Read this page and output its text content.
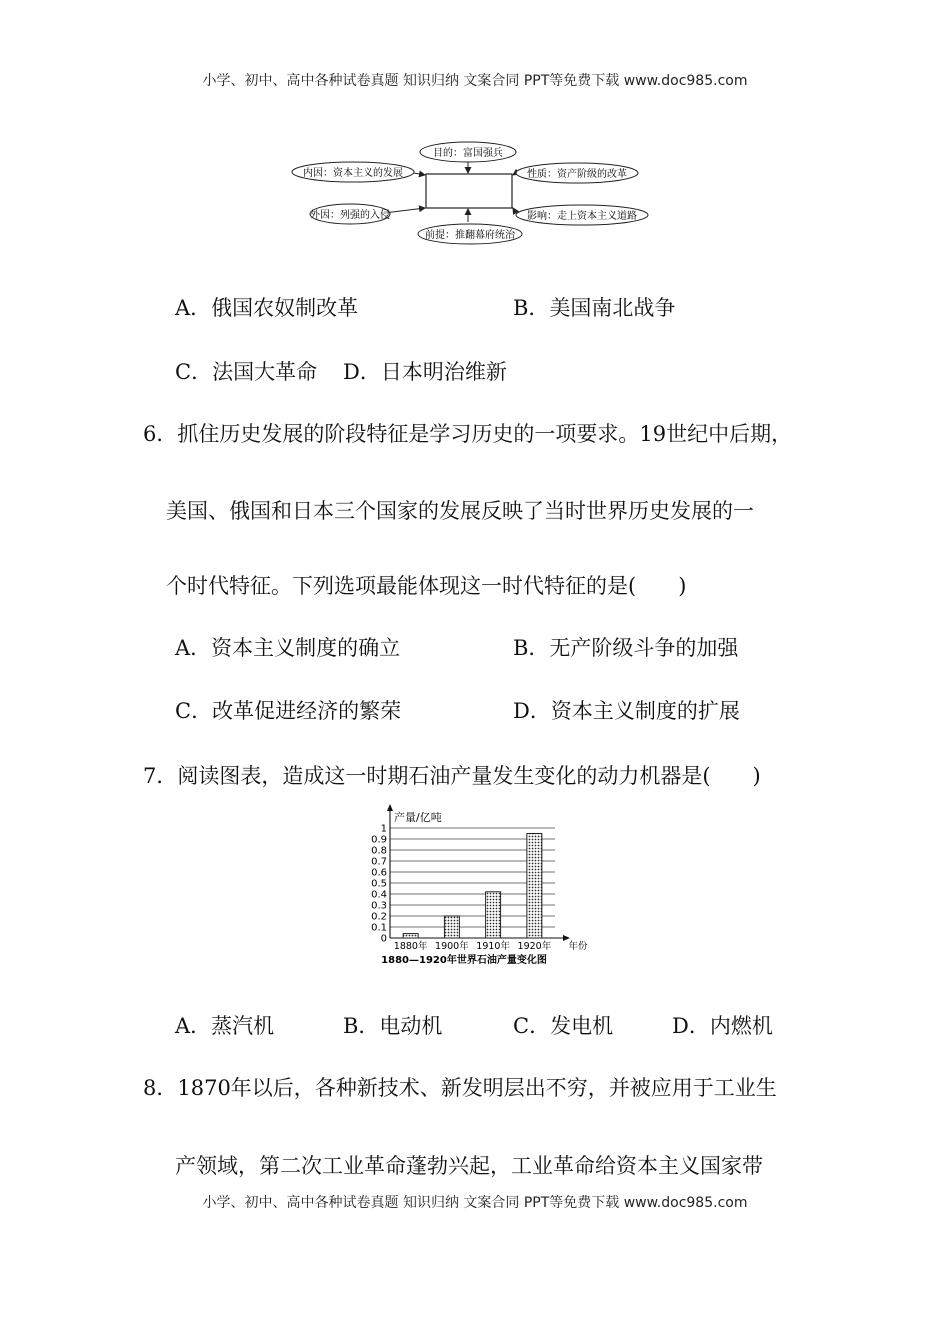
小学、初中、高中各种试卷真题 知识归纳 文案合同 PPT等免费下载 www.doc985.com
目的：富国强兵
内因：资本主义的发展
外因：列强的入侵
性质：资产阶级的改革
影响：走上资本主义道路
前提：推翻幕府统治
A．俄国农奴制改革	B．美国南北战争
C．法国大革命 D．日本明治维新
6．抓住历史发展的阶段特征是学习历史的一项要求。19世纪中后期，
美国、俄国和日本三个国家的发展反映了当时世界历史发展的一
个时代特征。下列选项最能体现这一时代特征的是(　　)
A．资本主义制度的确立	B．无产阶级斗争的加强
C．改革促进经济的繁荣	D．资本主义制度的扩展
7．阅读图表，造成这一时期石油产量发生变化的动力机器是(　　)
0
0.1
0.2
0.3
0.4
0.5
0.6
0.7
0.8
0.9
1
1880年 1900年 1910年 1920年
产量/亿吨
年份
1880—1920年世界石油产量变化图
A．蒸汽机	B．电动机	C．发电机	D．内燃机
8．1870年以后，各种新技术、新发明层出不穷，并被应用于工业生
产领域，第二次工业革命蓬勃兴起，工业革命给资本主义国家带
小学、初中、高中各种试卷真题 知识归纳 文案合同 PPT等免费下载 www.doc985.com
